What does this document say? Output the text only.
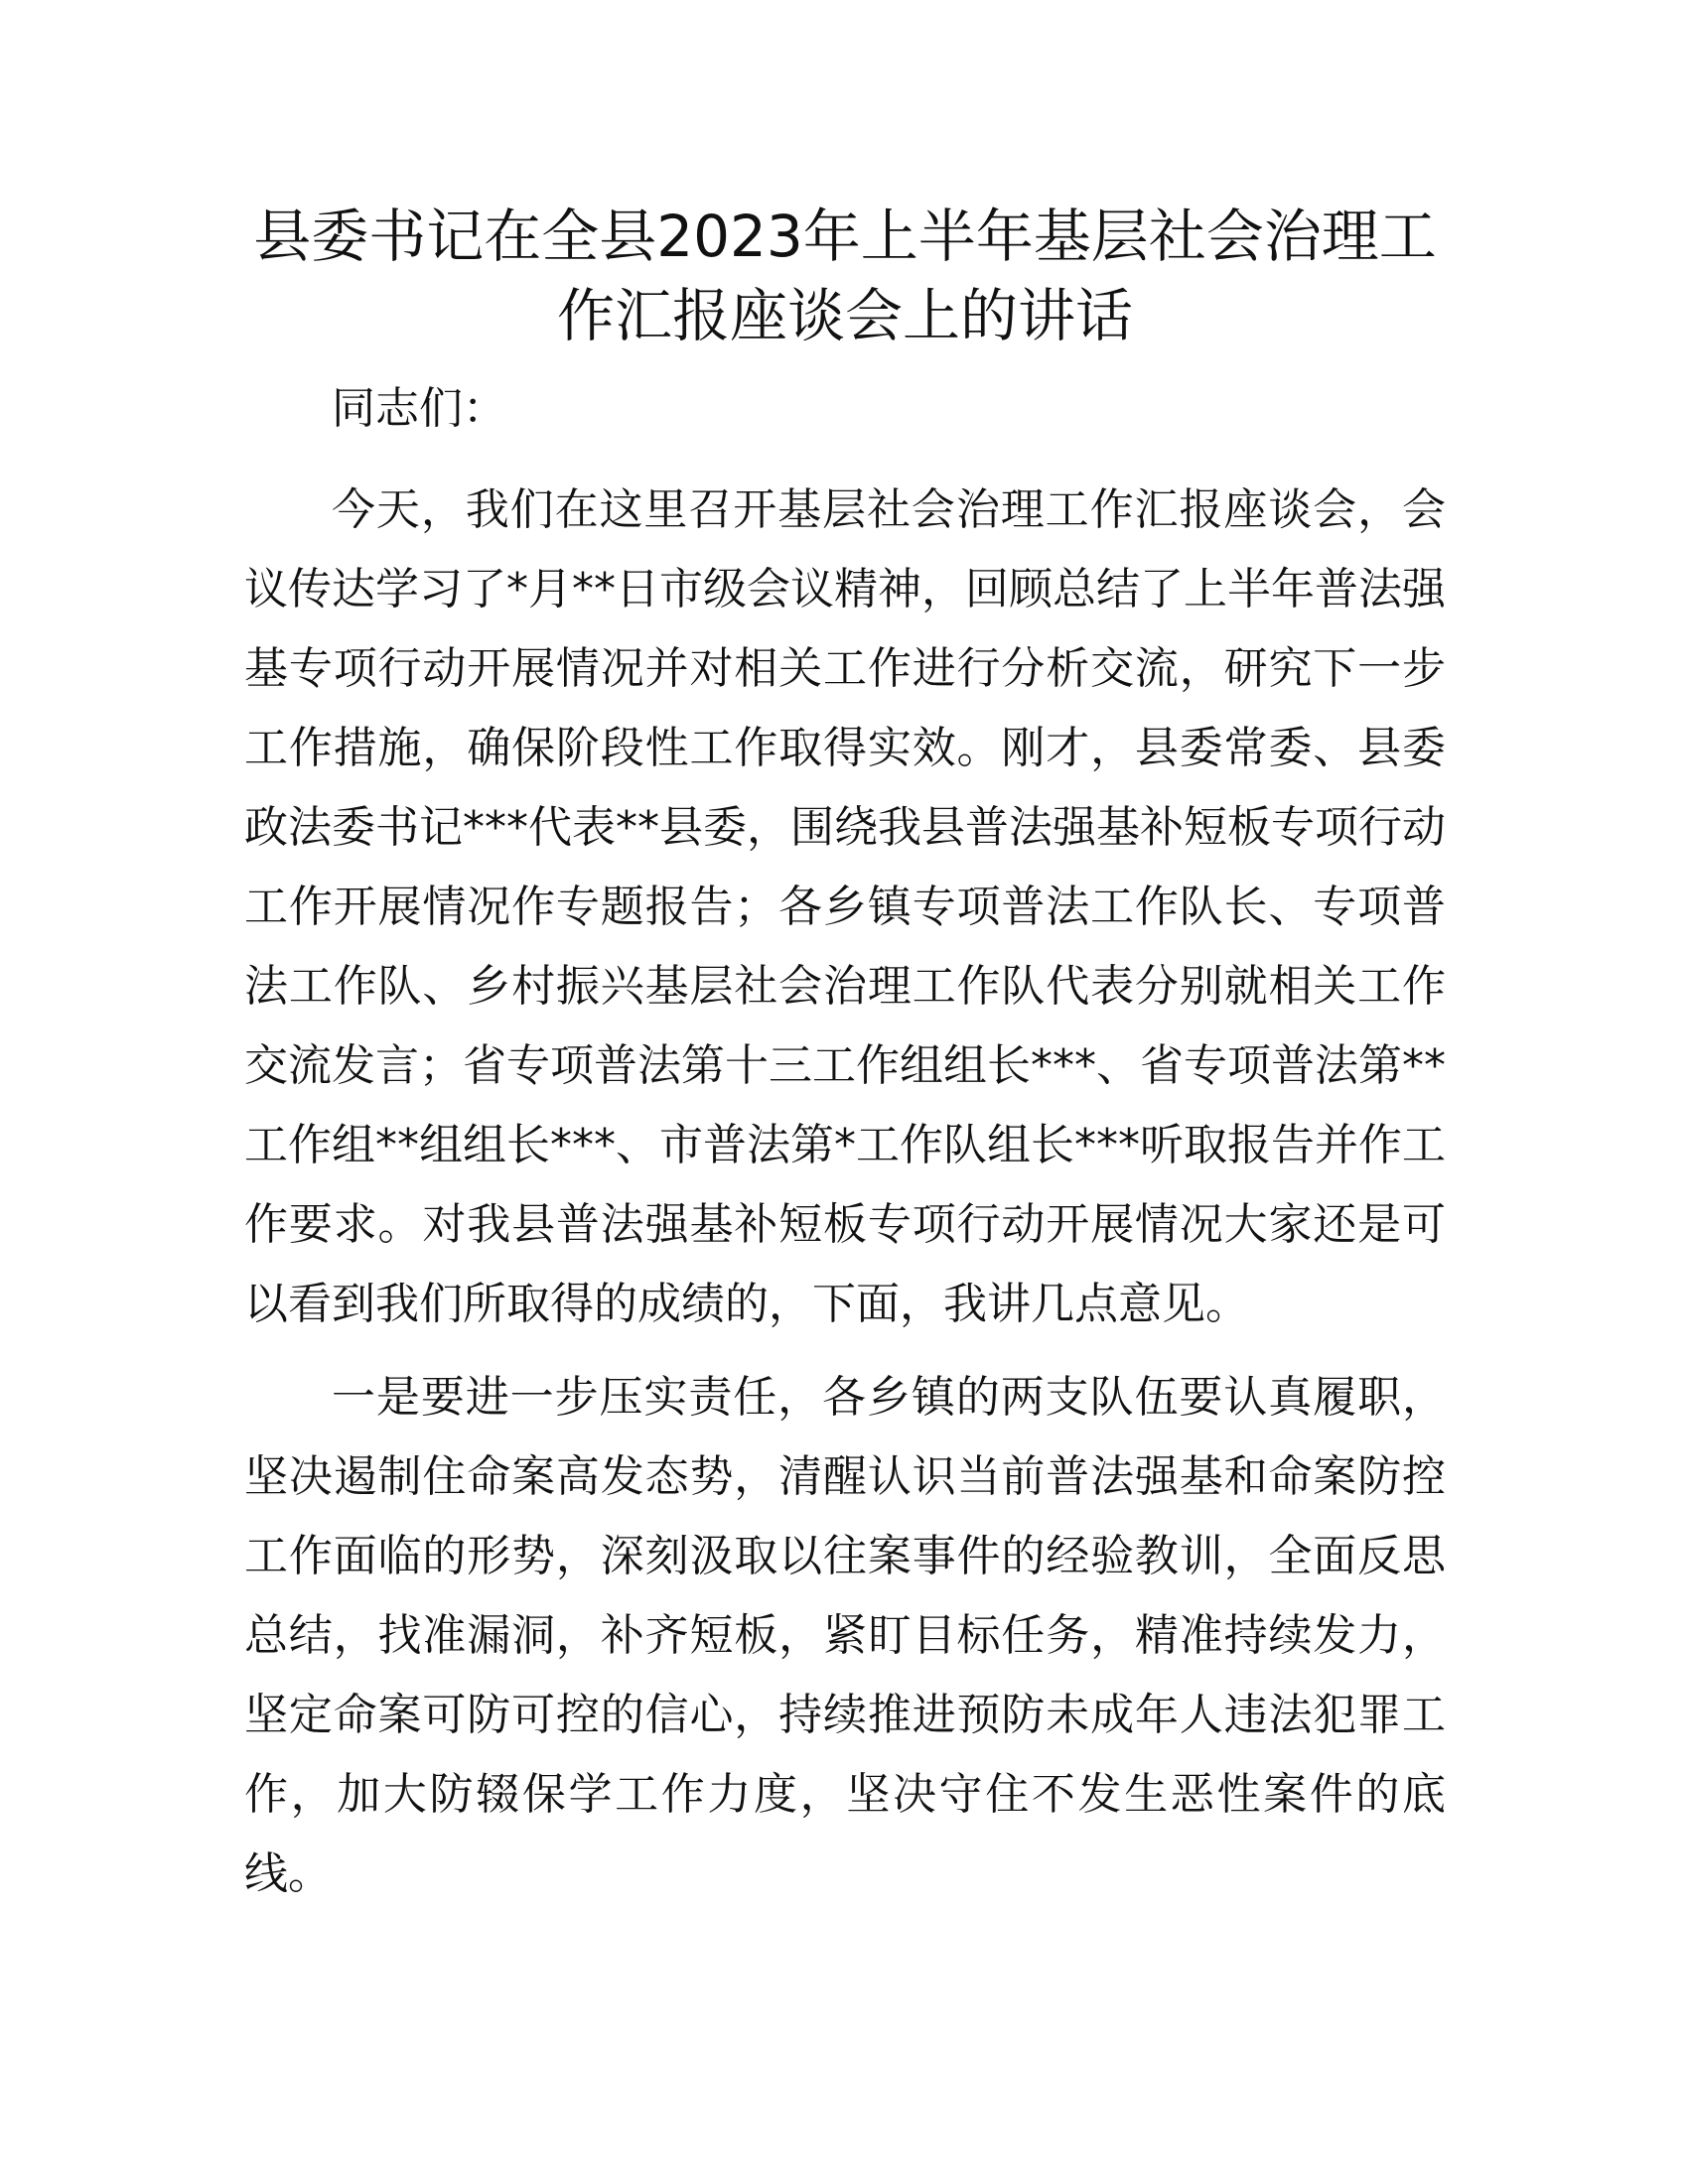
县委书记在全县2023年上半年基层社会治理工
作汇报座谈会上的讲话

同志们：

今天，我们在这里召开基层社会治理工作汇报座谈会，会议传达学习了*月**日市级会议精神，回顾总结了上半年普法强基专项行动开展情况并对相关工作进行分析交流，研究下一步工作措施，确保阶段性工作取得实效。刚才，县委常委、县委政法委书记***代表**县委，围绕我县普法强基补短板专项行动工作开展情况作专题报告；各乡镇专项普法工作队长、专项普法工作队、乡村振兴基层社会治理工作队代表分别就相关工作交流发言；省专项普法第十三工作组组长***、省专项普法第**工作组**组组长***、市普法第*工作队组长***听取报告并作工作要求。对我县普法强基补短板专项行动开展情况大家还是可以看到我们所取得的成绩的，下面，我讲几点意见。

一是要进一步压实责任，各乡镇的两支队伍要认真履职，坚决遏制住命案高发态势，清醒认识当前普法强基和命案防控工作面临的形势，深刻汲取以往案事件的经验教训，全面反思总结，找准漏洞，补齐短板，紧盯目标任务，精准持续发力，坚定命案可防可控的信心，持续推进预防未成年人违法犯罪工作，加大防辍保学工作力度，坚决守住不发生恶性案件的底线。
